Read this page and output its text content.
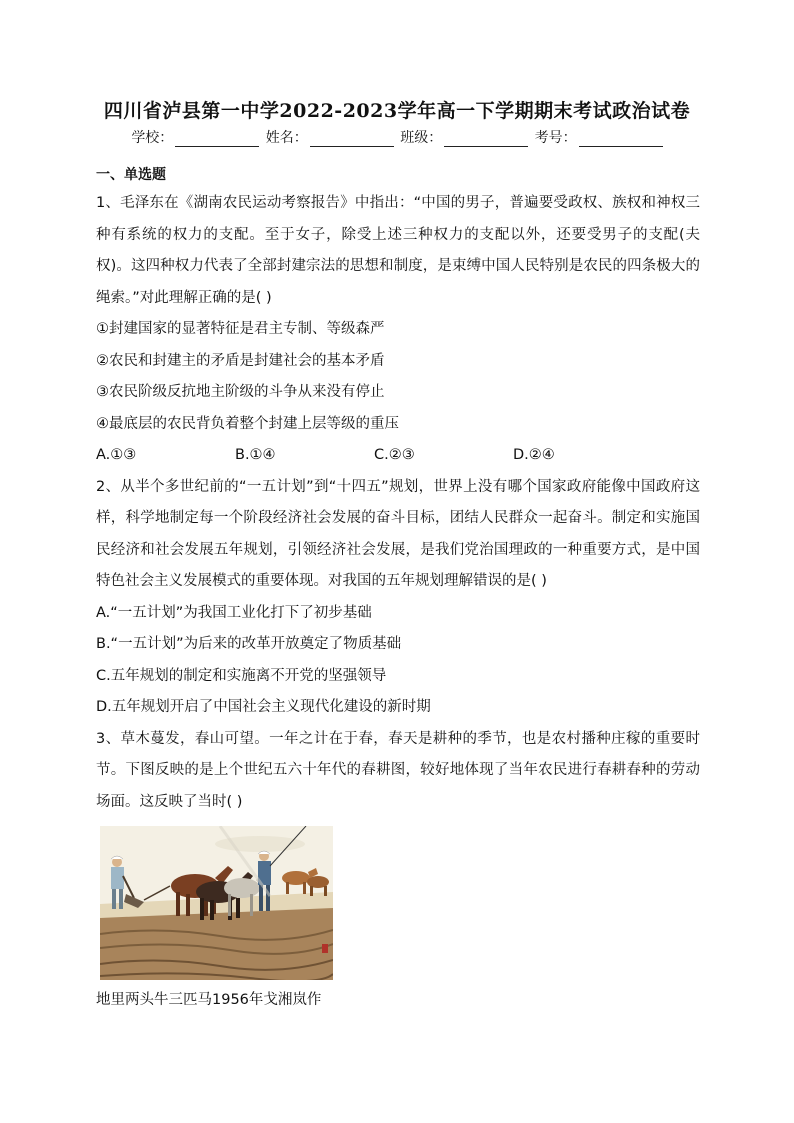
四川省泸县第一中学2022-2023学年高一下学期期末考试政治试卷
学校：	姓名：	班级：	考号：
一、单选题

1、毛泽东在《湖南农民运动考察报告》中指出：“中国的男子，普遍要受政权、族权和神权三种有系统的权力的支配。至于女子，除受上述三种权力的支配以外，还要受男子的支配(夫权)。这四种权力代表了全部封建宗法的思想和制度，是束缚中国人民特别是农民的四条极大的绳索。”对此理解正确的是( )

①封建国家的显著特征是君主专制、等级森严

②农民和封建主的矛盾是封建社会的基本矛盾

③农民阶级反抗地主阶级的斗争从来没有停止

④最底层的农民背负着整个封建上层等级的重压

A.①③	B.①④	C.②③	D.②④

2、从半个多世纪前的“一五计划”到“十四五”规划，世界上没有哪个国家政府能像中国政府这样，科学地制定每一个阶段经济社会发展的奋斗目标，团结人民群众一起奋斗。制定和实施国民经济和社会发展五年规划，引领经济社会发展，是我们党治国理政的一种重要方式，是中国特色社会主义发展模式的重要体现。对我国的五年规划理解错误的是( )

A.“一五计划”为我国工业化打下了初步基础

B.“一五计划”为后来的改革开放奠定了物质基础

C.五年规划的制定和实施离不开党的坚强领导

D.五年规划开启了中国社会主义现代化建设的新时期

3、草木蔓发，春山可望。一年之计在于春，春天是耕种的季节，也是农村播种庄稼的重要时节。下图反映的是上个世纪五六十年代的春耕图，较好地体现了当年农民进行春耕春种的劳动场面。这反映了当时( )

地里两头牛三匹马1956年戈湘岚作
